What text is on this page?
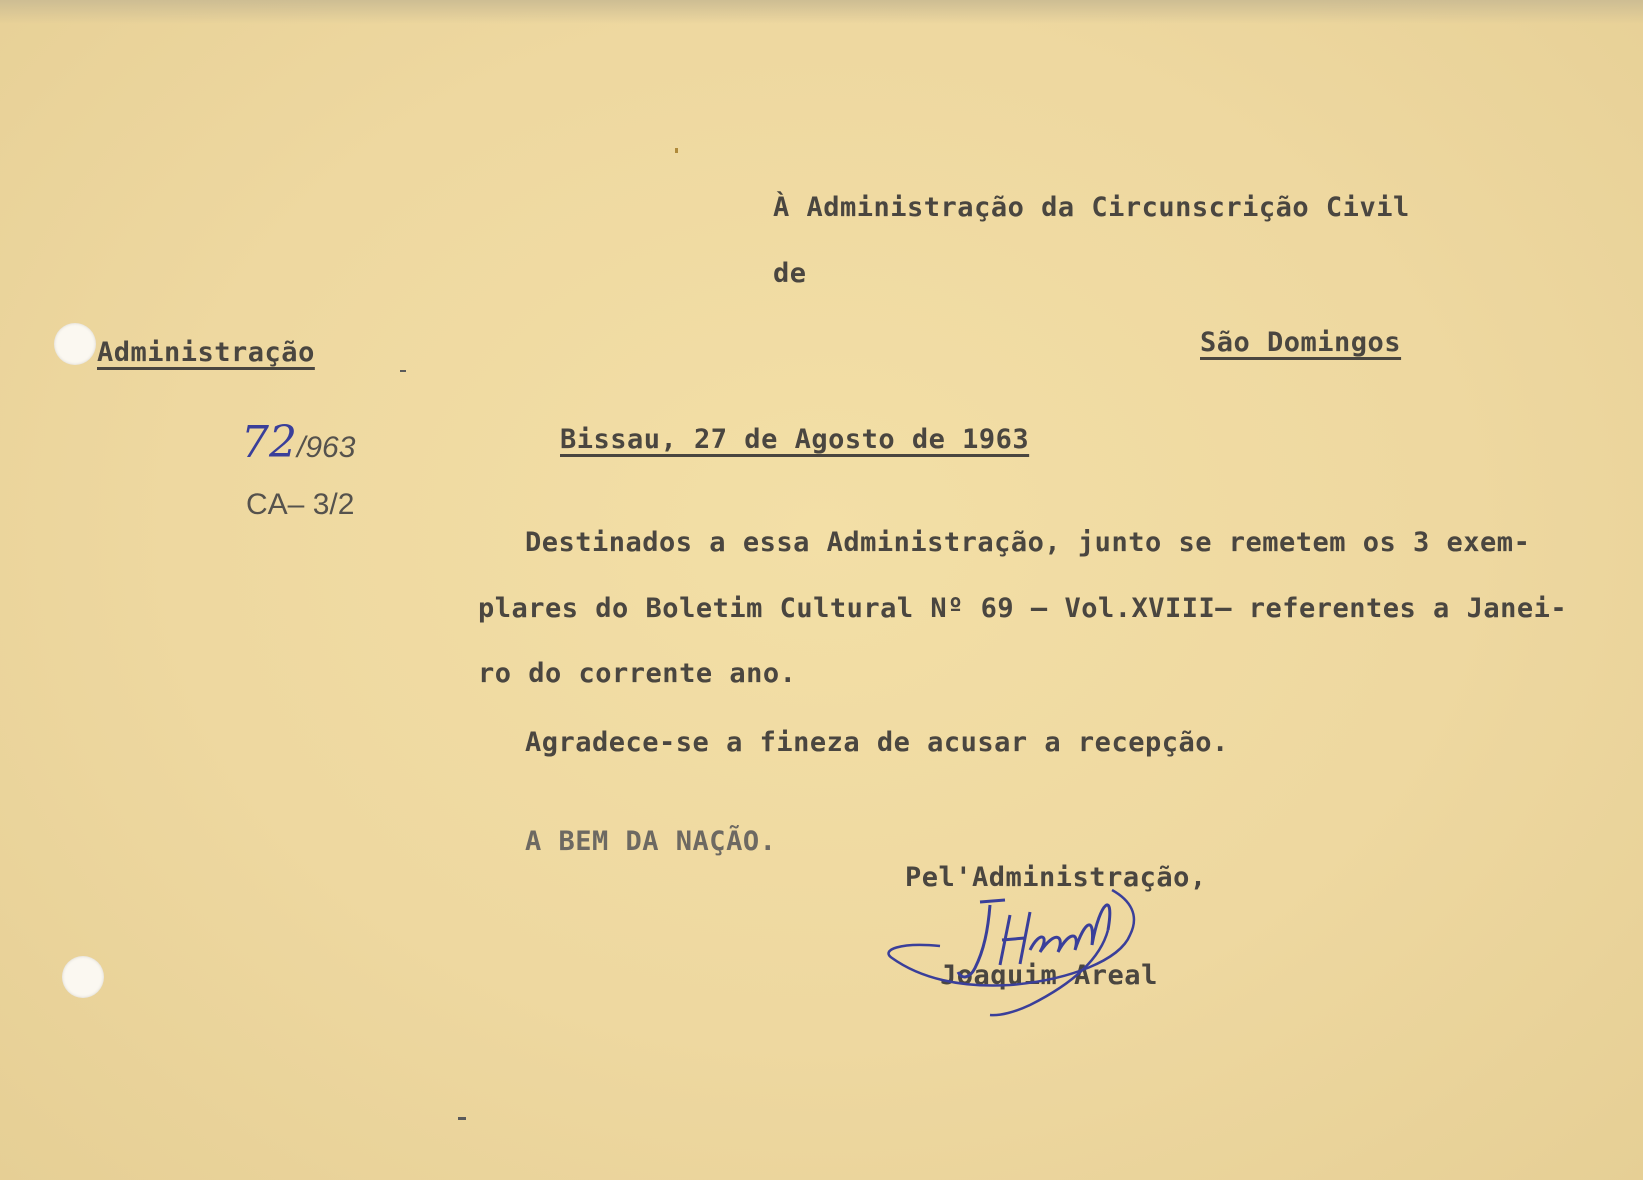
À Administração da Circunscrição Civil
de
São Domingos
Administração
72/963
CA– 3/2
Bissau, 27 de Agosto de 1963
Destinados a essa Administração, junto se remetem os 3 exem-
plares do Boletim Cultural Nº 69 – Vol.XVIII– referentes a Janei-
ro do corrente ano.
Agradece-se a fineza de acusar a recepção.
A BEM DA NAÇÃO.
Pel'Administração,
Joaquim Areal
